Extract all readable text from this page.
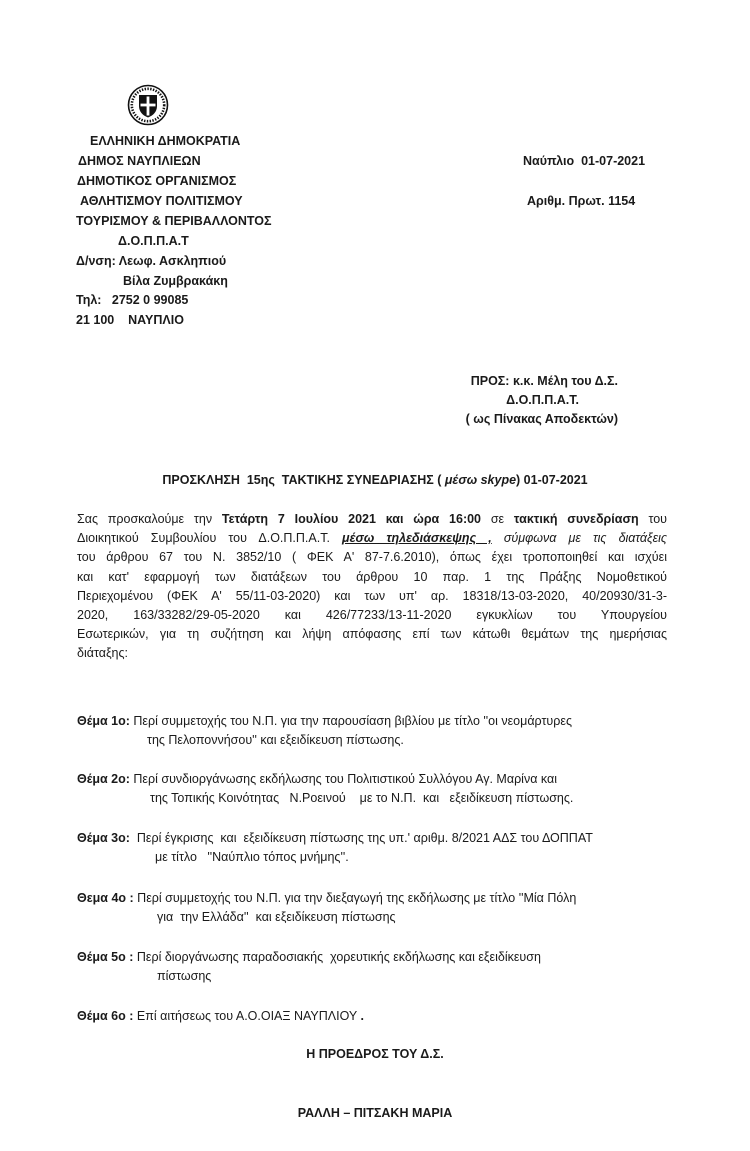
ΕΛΛΗΝΙΚΗ ΔΗΜΟΚΡΑΤΙΑ
ΔΗΜΟΣ ΝΑΥΠΛΙΕΩΝ
ΔΗΜΟΤΙΚΟΣ ΟΡΓΑΝΙΣΜΟΣ
ΑΘΛΗΤΙΣΜΟΥ ΠΟΛΙΤΙΣΜΟΥ
ΤΟΥΡΙΣΜΟΥ & ΠΕΡΙΒΑΛΛΟΝΤΟΣ
Δ.Ο.Π.Π.Α.Τ
Δ/νση: Λεωφ. Ασκληπιού
Βίλα Ζυμβρακάκη
Τηλ:   2752 0 99085
21 100    ΝΑΥΠΛΙΟ
Ναύπλιο  01-07-2021
Αριθμ. Πρωτ. 1154
ΠΡΟΣ: κ.κ. Μέλη του Δ.Σ.
Δ.Ο.Π.Π.Α.Τ.
( ως Πίνακας Αποδεκτών)
ΠΡΟΣΚΛΗΣΗ  15ης  ΤΑΚΤΙΚΗΣ ΣΥΝΕΔΡΙΑΣΗΣ ( μέσω skype) 01-07-2021
Σας προσκαλούμε την Τετάρτη 7 Ιουλίου 2021 και ώρα 16:00 σε τακτική συνεδρίαση του
Διοικητικού Συμβουλίου του Δ.Ο.Π.Π.Α.Τ. μέσω τηλεδιάσκεψης , σύμφωνα με τις διατάξεις
του άρθρου 67 του Ν. 3852/10 ( ΦΕΚ Α' 87-7.6.2010), όπως έχει τροποποιηθεί και ισχύει
και κατ' εφαρμογή των διατάξεων του άρθρου 10 παρ. 1 της Πράξης Νομοθετικού
Περιεχομένου (ΦΕΚ Α' 55/11-03-2020) και των υπ' αρ. 18318/13-03-2020, 40/20930/31-3-
2020, 163/33282/29-05-2020 και 426/77233/13-11-2020 εγκυκλίων του Υπουργείου
Εσωτερικών, για τη συζήτηση και λήψη απόφασης επί των κάτωθι θεμάτων της ημερήσιας
διάταξης:
Θέμα 1ο: Περί συμμετοχής του Ν.Π. για την παρουσίαση βιβλίου με τίτλο ''οι νεομάρτυρες
της Πελοποννήσου'' και εξειδίκευση πίστωσης.
Θέμα 2ο: Περί συνδιοργάνωσης εκδήλωσης του Πολιτιστικού Συλλόγου Αγ. Μαρίνα και
της Τοπικής Κοινότητας   Ν.Ροεινού    με το Ν.Π.  και   εξειδίκευση πίστωσης.
Θέμα 3ο:  Περί έγκρισης  και  εξειδίκευση πίστωσης της υπ.' αριθμ. 8/2021 ΑΔΣ του ΔΟΠΠΑΤ
με τίτλο   ''Ναύπλιο τόπος μνήμης''.
Θεμα 4ο : Περί συμμετοχής του Ν.Π. για την διεξαγωγή της εκδήλωσης με τίτλο ''Μία Πόλη
για  την Ελλάδα''  και εξειδίκευση πίστωσης
Θέμα 5ο : Περί διοργάνωσης παραδοσιακής  χορευτικής εκδήλωσης και εξειδίκευση
πίστωσης
Θέμα 6ο : Επί αιτήσεως του Α.Ο.ΟΙΑΞ ΝΑΥΠΛΙΟΥ .
Η ΠΡΟΕΔΡΟΣ ΤΟΥ Δ.Σ.
ΡΑΛΛΗ – ΠΙΤΣΑΚΗ ΜΑΡΙΑ
